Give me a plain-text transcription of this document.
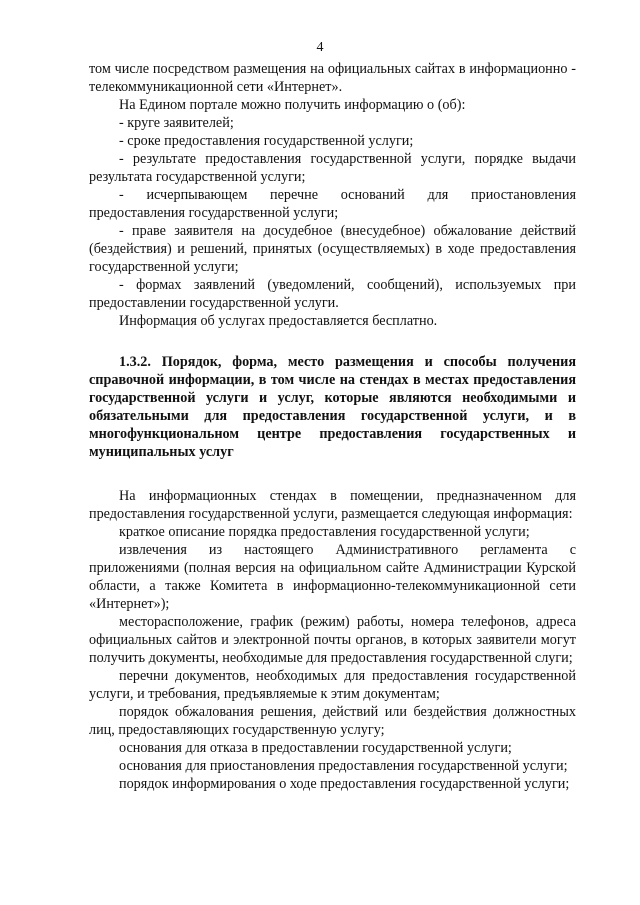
4

том числе посредством размещения на официальных сайтах в информационно - телекоммуникационной сети «Интернет».

На Едином портале можно получить информацию о (об):

- круге заявителей;

- сроке предоставления государственной услуги;

- результате предоставления государственной услуги, порядке выдачи результата государственной услуги;

- исчерпывающем перечне оснований для приостановления предоставления государственной услуги;

- праве заявителя на досудебное (внесудебное) обжалование действий (бездействия) и решений, принятых (осуществляемых) в ходе предоставления государственной услуги;

- формах заявлений (уведомлений, сообщений), используемых при предоставлении государственной услуги.

Информация об услугах предоставляется бесплатно.

1.3.2. Порядок, форма, место размещения и способы получения справочной информации, в том числе на стендах в местах предоставления государственной услуги и услуг, которые являются необходимыми и обязательными для предоставления государственной услуги, и в многофункциональном центре предоставления государственных и муниципальных услуг

На информационных стендах в помещении, предназначенном для предоставления государственной услуги, размещается следующая информация:

краткое описание порядка предоставления государственной услуги;

извлечения из настоящего Административного регламента с приложениями (полная версия на официальном сайте Администрации Курской области, а также Комитета в информационно-телекоммуникационной сети «Интернет»);

месторасположение, график (режим) работы, номера телефонов, адреса официальных сайтов и электронной почты органов, в которых заявители могут получить документы, необходимые для предоставления государственной слуги;

перечни документов, необходимых для предоставления государственной услуги, и требования, предъявляемые к этим документам;

порядок обжалования решения, действий или бездействия должностных лиц, предоставляющих государственную услугу;

основания для отказа в предоставлении государственной услуги;

основания для приостановления предоставления государственной услуги;

порядок информирования о ходе предоставления государственной услуги;
